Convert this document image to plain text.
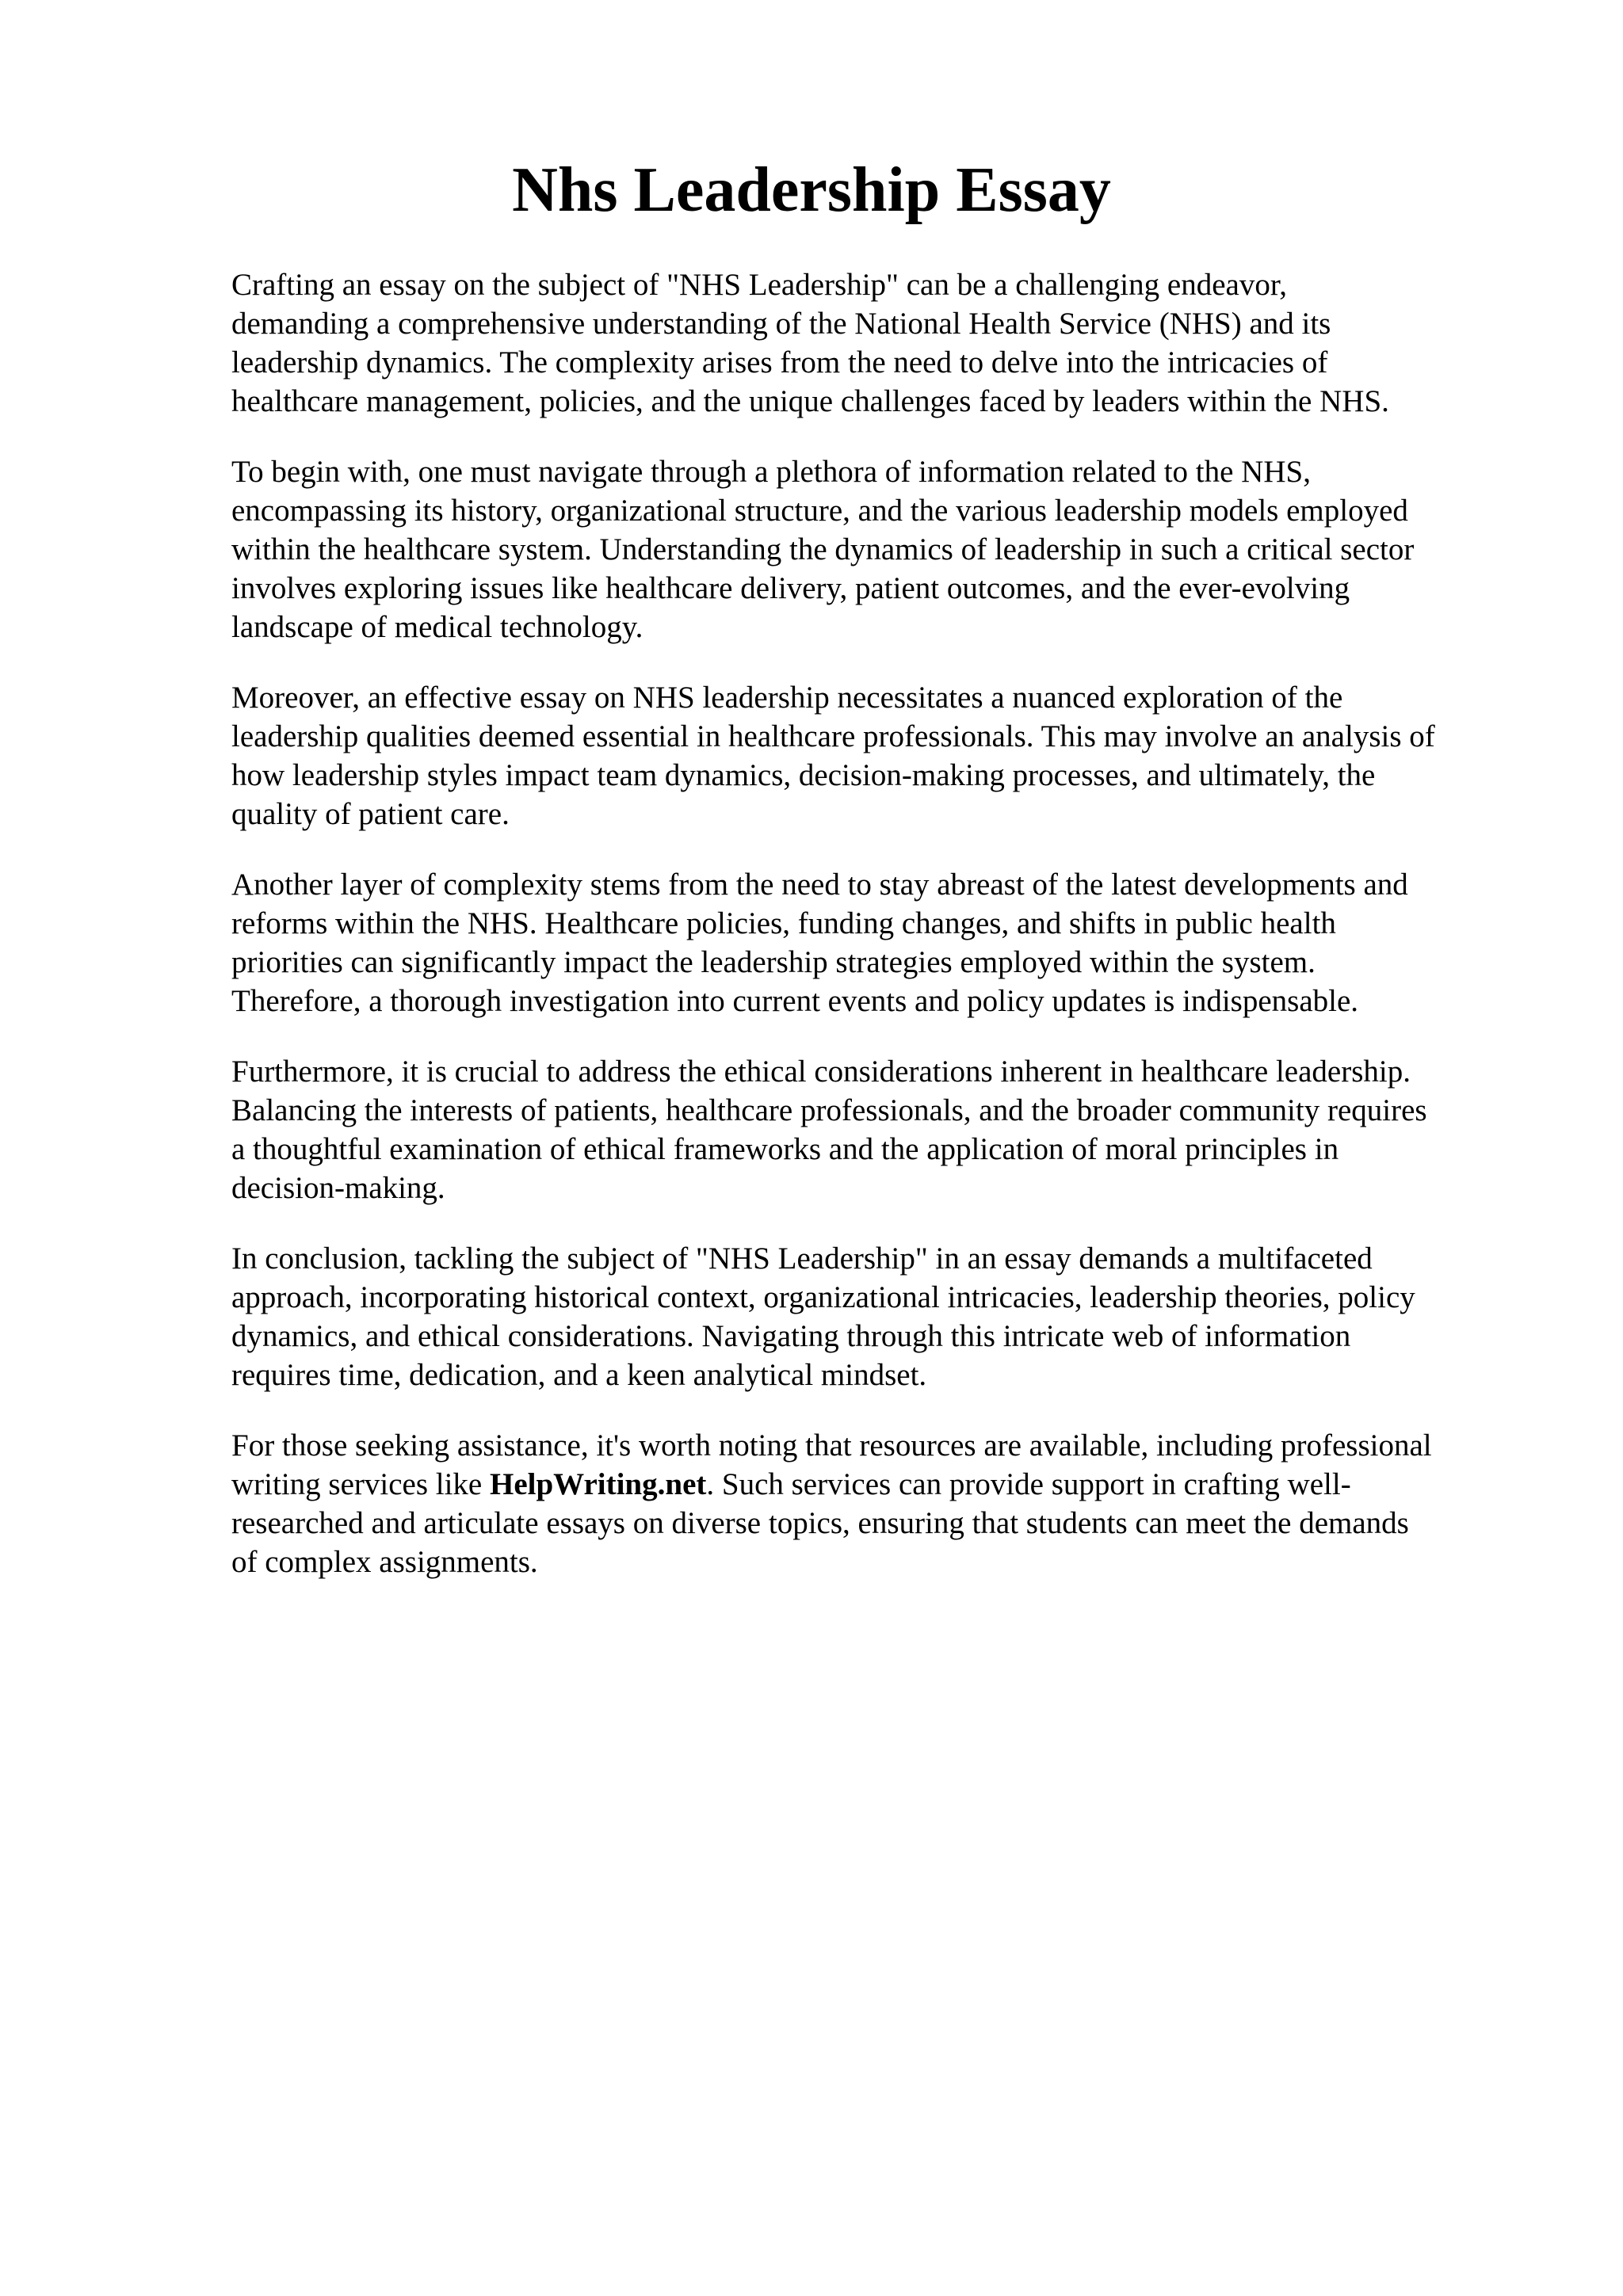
Nhs Leadership Essay

Crafting an essay on the subject of "NHS Leadership" can be a challenging endeavor,
demanding a comprehensive understanding of the National Health Service (NHS) and its
leadership dynamics. The complexity arises from the need to delve into the intricacies of
healthcare management, policies, and the unique challenges faced by leaders within the NHS.

To begin with, one must navigate through a plethora of information related to the NHS,
encompassing its history, organizational structure, and the various leadership models employed
within the healthcare system. Understanding the dynamics of leadership in such a critical sector
involves exploring issues like healthcare delivery, patient outcomes, and the ever-evolving
landscape of medical technology.

Moreover, an effective essay on NHS leadership necessitates a nuanced exploration of the
leadership qualities deemed essential in healthcare professionals. This may involve an analysis of
how leadership styles impact team dynamics, decision-making processes, and ultimately, the
quality of patient care.

Another layer of complexity stems from the need to stay abreast of the latest developments and
reforms within the NHS. Healthcare policies, funding changes, and shifts in public health
priorities can significantly impact the leadership strategies employed within the system.
Therefore, a thorough investigation into current events and policy updates is indispensable.

Furthermore, it is crucial to address the ethical considerations inherent in healthcare leadership.
Balancing the interests of patients, healthcare professionals, and the broader community requires
a thoughtful examination of ethical frameworks and the application of moral principles in
decision-making.

In conclusion, tackling the subject of "NHS Leadership" in an essay demands a multifaceted
approach, incorporating historical context, organizational intricacies, leadership theories, policy
dynamics, and ethical considerations. Navigating through this intricate web of information
requires time, dedication, and a keen analytical mindset.

For those seeking assistance, it's worth noting that resources are available, including professional
writing services like HelpWriting.net. Such services can provide support in crafting well-
researched and articulate essays on diverse topics, ensuring that students can meet the demands
of complex assignments.
